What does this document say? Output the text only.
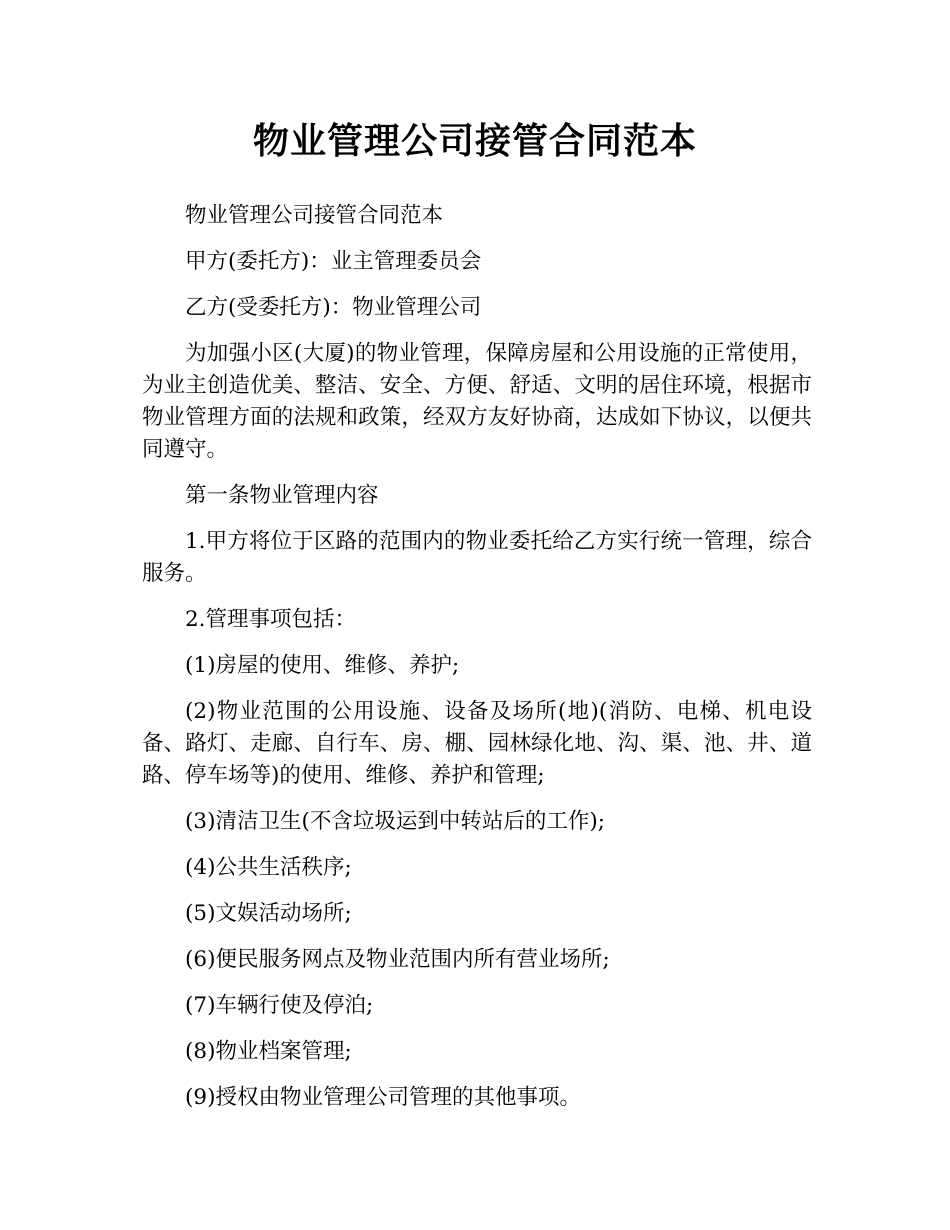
物业管理公司接管合同范本

物业管理公司接管合同范本

甲方(委托方)：业主管理委员会

乙方(受委托方)：物业管理公司

为加强小区(大厦)的物业管理，保障房屋和公用设施的正常使用，为业主创造优美、整洁、安全、方便、舒适、文明的居住环境，根据市物业管理方面的法规和政策，经双方友好协商，达成如下协议，以便共同遵守。

第一条物业管理内容

1.甲方将位于区路的范围内的物业委托给乙方实行统一管理，综合服务。

2.管理事项包括：

(1)房屋的使用、维修、养护;

(2)物业范围的公用设施、设备及场所(地)(消防、电梯、机电设备、路灯、走廊、自行车、房、棚、园林绿化地、沟、渠、池、井、道路、停车场等)的使用、维修、养护和管理;

(3)清洁卫生(不含垃圾运到中转站后的工作);

(4)公共生活秩序;

(5)文娱活动场所;

(6)便民服务网点及物业范围内所有营业场所;

(7)车辆行使及停泊;

(8)物业档案管理;

(9)授权由物业管理公司管理的其他事项。
